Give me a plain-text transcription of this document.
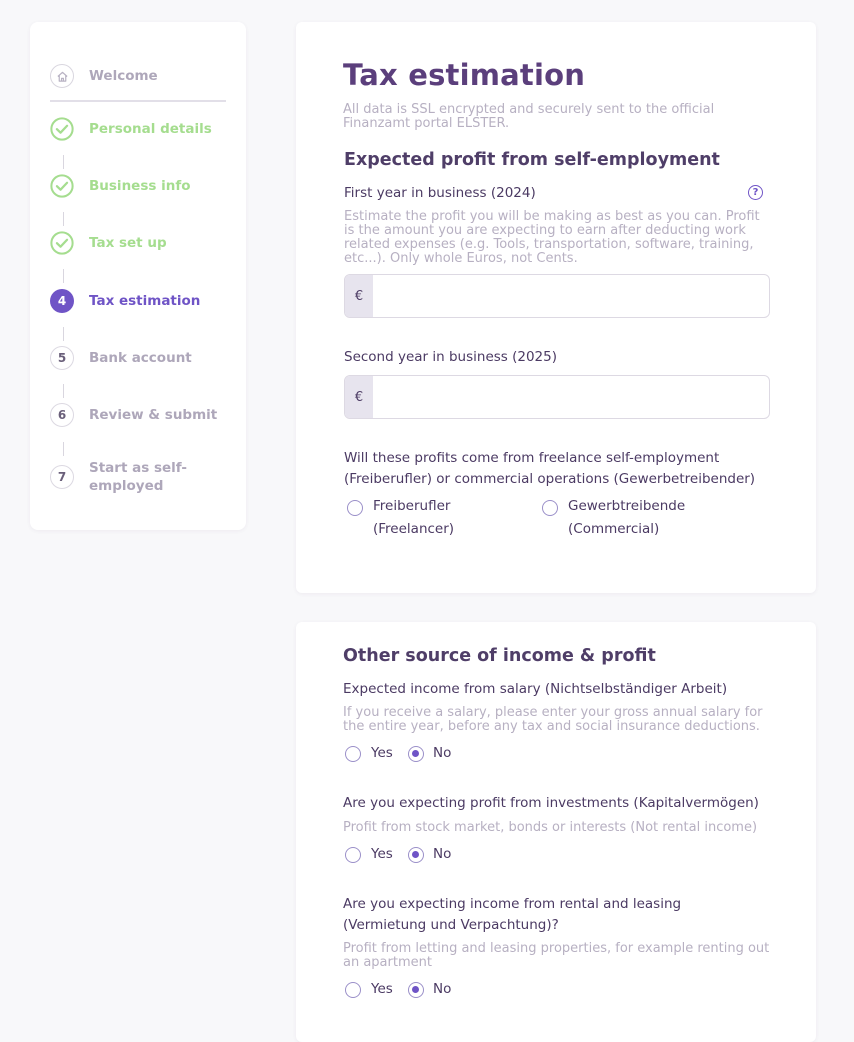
Welcome
Personal details
Business info
Tax set up
4	Tax estimation
5	Bank account
6	Review & submit
7
Start as self-employed
Tax estimation
All data is SSL encrypted and securely sent to the official Finanzamt portal ELSTER.
Expected profit from self-employment
First year in business (2024)	?
Estimate the profit you will be making as best as you can. Profit is the amount you are expecting to earn after deducting work related expenses (e.g. Tools, transportation, software, training, etc...). Only whole Euros, not Cents.
€
Second year in business (2025)
€
Will these profits come from freelance self-employment (Freiberufler) or commercial operations (Gewerbetreibender)
Freiberufler
(Freelancer)
Gewerbtreibende
(Commercial)
Other source of income & profit
Expected income from salary (Nichtselbständiger Arbeit)
If you receive a salary, please enter your gross annual salary for the entire year, before any tax and social insurance deductions.
Yes	No
Are you expecting profit from investments (Kapitalvermögen)
Profit from stock market, bonds or interests (Not rental income)
Yes	No
Are you expecting income from rental and leasing (Vermietung und Verpachtung)?
Profit from letting and leasing properties, for example renting out an apartment
Yes	No
